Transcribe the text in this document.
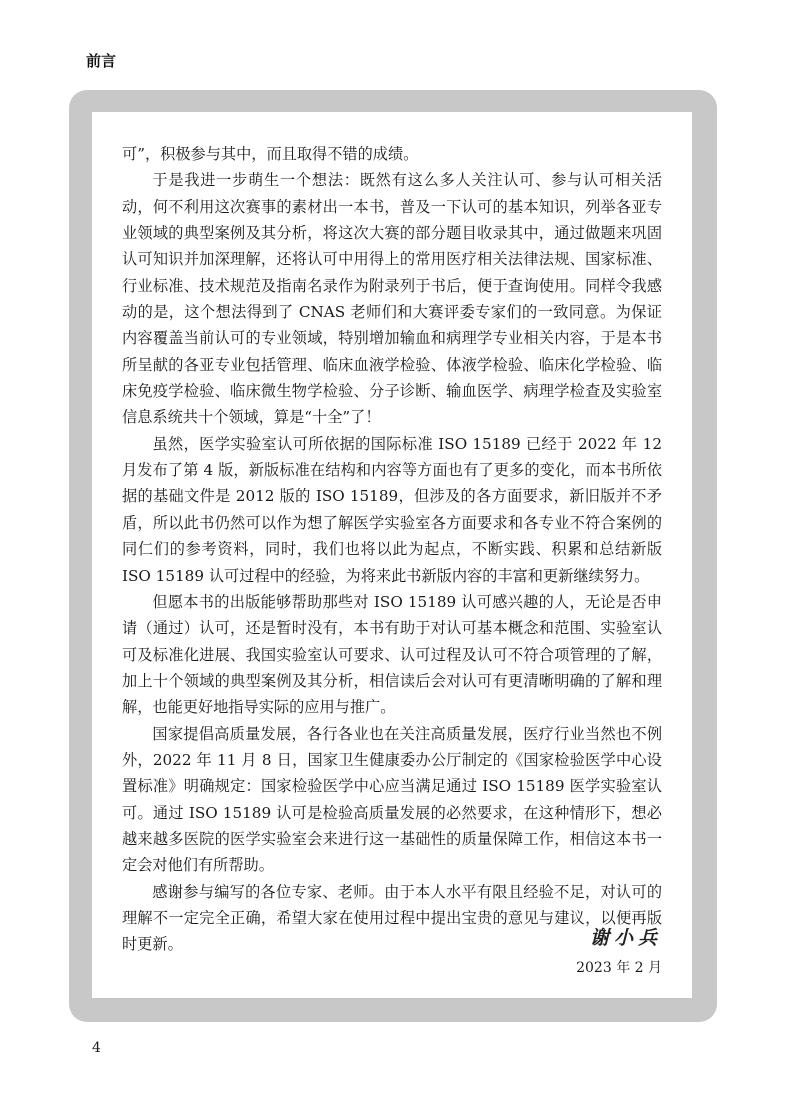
前言

可”，积极参与其中，而且取得不错的成绩。

于是我进一步萌生一个想法：既然有这么多人关注认可、参与认可相关活动，何不利用这次赛事的素材出一本书，普及一下认可的基本知识，列举各亚专业领域的典型案例及其分析，将这次大赛的部分题目收录其中，通过做题来巩固认可知识并加深理解，还将认可中用得上的常用医疗相关法律法规、国家标准、行业标准、技术规范及指南名录作为附录列于书后，便于查询使用。同样令我感动的是，这个想法得到了 CNAS 老师们和大赛评委专家们的一致同意。为保证内容覆盖当前认可的专业领域，特别增加输血和病理学专业相关内容，于是本书所呈献的各亚专业包括管理、临床血液学检验、体液学检验、临床化学检验、临床免疫学检验、临床微生物学检验、分子诊断、输血医学、病理学检查及实验室信息系统共十个领域，算是“十全”了！

虽然，医学实验室认可所依据的国际标准 ISO 15189 已经于 2022 年 12 月发布了第 4 版，新版标准在结构和内容等方面也有了更多的变化，而本书所依据的基础文件是 2012 版的 ISO 15189，但涉及的各方面要求，新旧版并不矛盾，所以此书仍然可以作为想了解医学实验室各方面要求和各专业不符合案例的同仁们的参考资料，同时，我们也将以此为起点，不断实践、积累和总结新版ISO 15189 认可过程中的经验，为将来此书新版内容的丰富和更新继续努力。

但愿本书的出版能够帮助那些对 ISO 15189 认可感兴趣的人，无论是否申请（通过）认可，还是暂时没有，本书有助于对认可基本概念和范围、实验室认可及标准化进展、我国实验室认可要求、认可过程及认可不符合项管理的了解，加上十个领域的典型案例及其分析，相信读后会对认可有更清晰明确的了解和理解，也能更好地指导实际的应用与推广。

国家提倡高质量发展，各行各业也在关注高质量发展，医疗行业当然也不例外，2022 年 11 月 8 日，国家卫生健康委办公厅制定的《国家检验医学中心设置标准》明确规定：国家检验医学中心应当满足通过 ISO 15189 医学实验室认可。通过 ISO 15189 认可是检验高质量发展的必然要求，在这种情形下，想必越来越多医院的医学实验室会来进行这一基础性的质量保障工作，相信这本书一定会对他们有所帮助。

感谢参与编写的各位专家、老师。由于本人水平有限且经验不足，对认可的理解不一定完全正确，希望大家在使用过程中提出宝贵的意见与建议，以便再版时更新。	谢小兵
2023 年 2 月
4
